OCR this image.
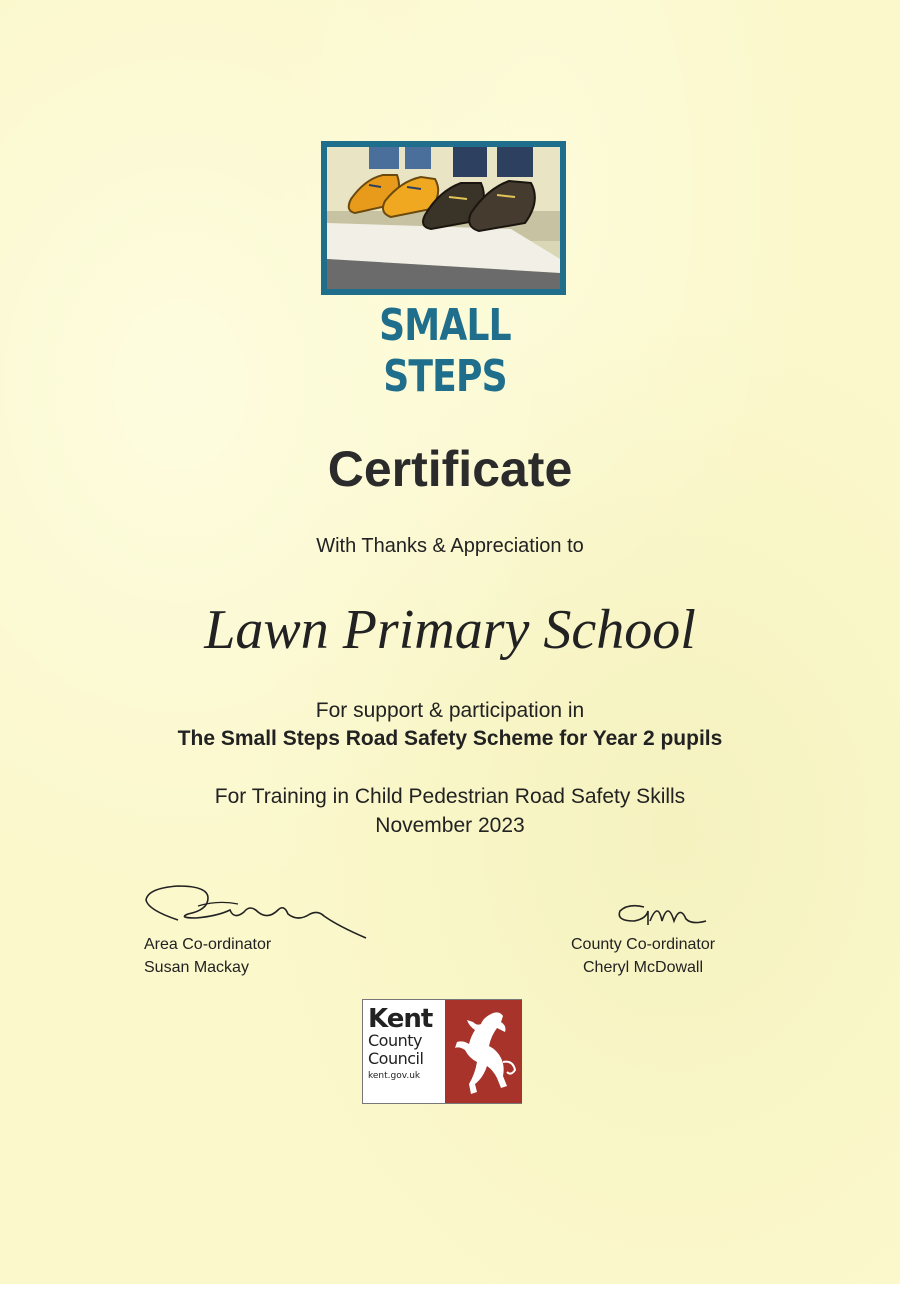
SMALL STEPS
Certificate
With Thanks & Appreciation to
Lawn Primary School
For support & participation in
The Small Steps Road Safety Scheme for Year 2 pupils
For Training in Child Pedestrian Road Safety Skills
November 2023
Area Co-ordinator
Susan Mackay
County Co-ordinator
Cheryl McDowall
Kent
County
Council
kent.gov.uk
